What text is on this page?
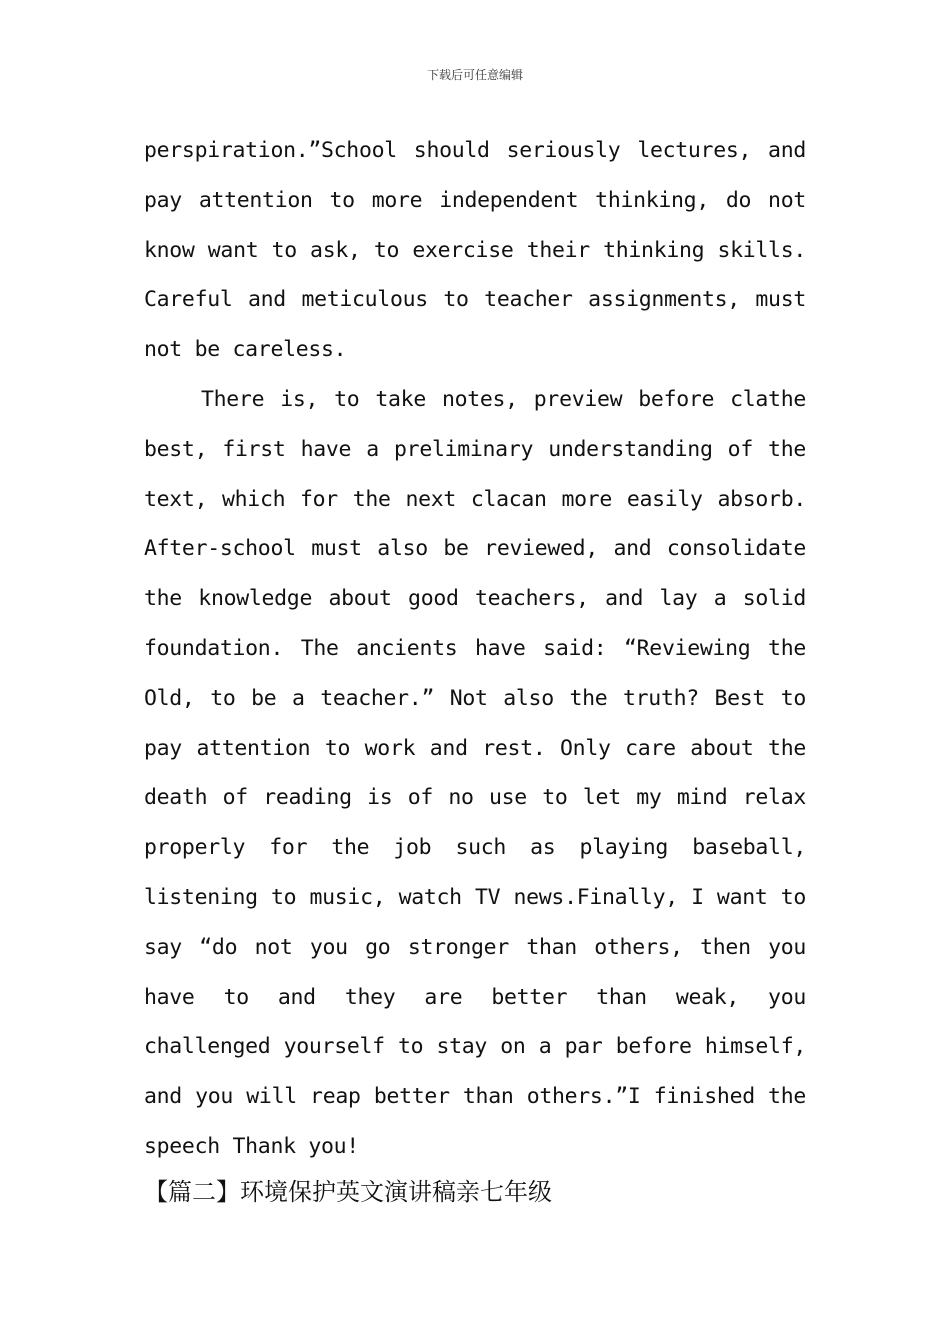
下载后可任意编辑

perspiration.”School should seriously lectures, and pay attention to more independent thinking, do not know want to ask, to exercise their thinking skills. Careful and meticulous to teacher assignments, must not be careless.

There is, to take notes, preview before clathe best, first have a preliminary understanding of the text, which for the next clacan more easily absorb. After-school must also be reviewed, and consolidate the knowledge about good teachers, and lay a solid foundation. The ancients have said: “Reviewing the Old, to be a teacher.” Not also the truth? Best to pay attention to work and rest. Only care about the death of reading is of no use to let my mind relax properly for the job such as playing baseball, listening to music, watch TV news.Finally, I want to say “do not you go stronger than others, then you have to and they are better than weak, you challenged yourself to stay on a par before himself, and you will reap better than others.”I finished the speech Thank you!

【篇二】环境保护英文演讲稿亲七年级
